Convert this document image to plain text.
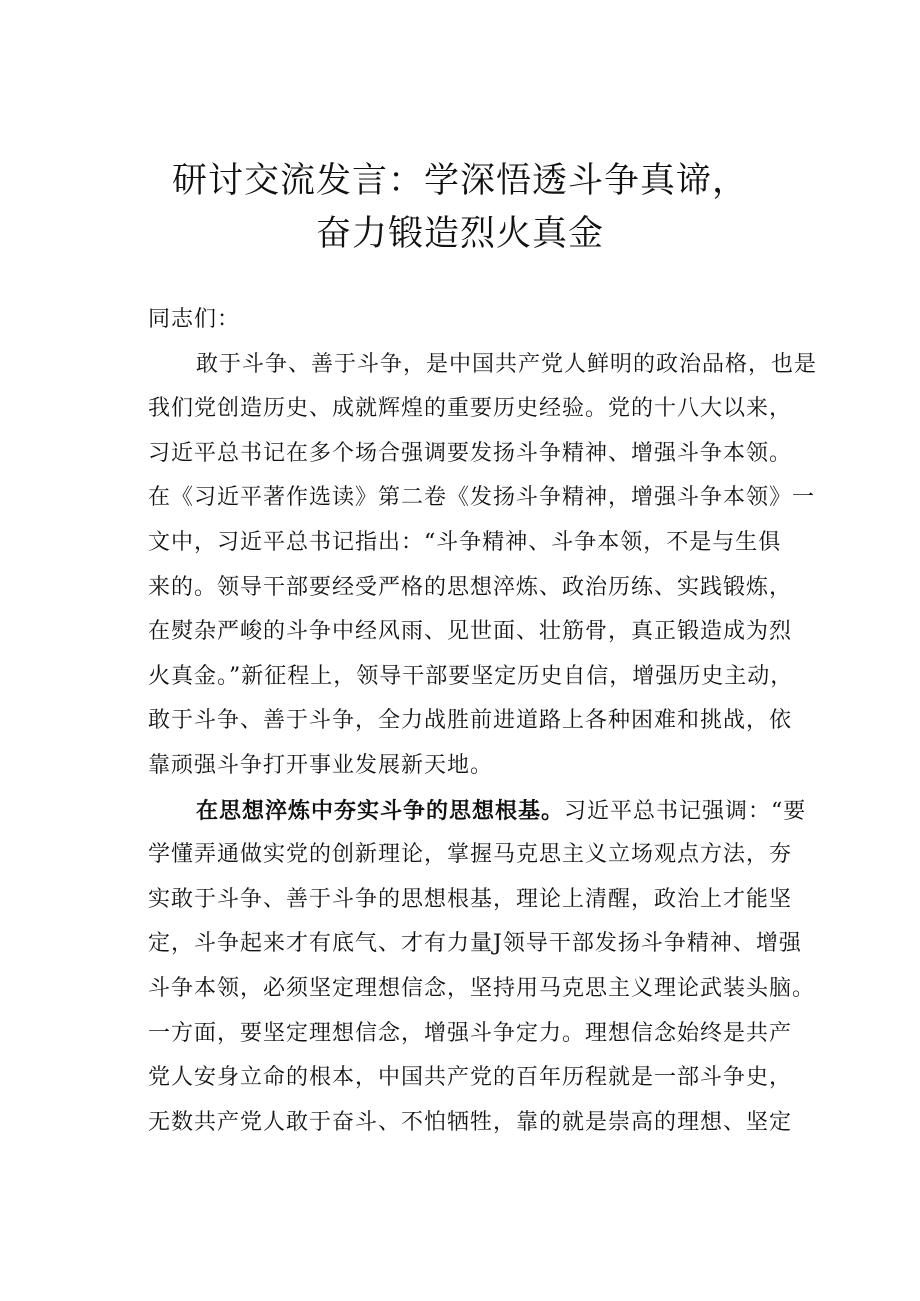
研讨交流发言：学深悟透斗争真谛，
奋力锻造烈火真金
同志们：
敢于斗争、善于斗争，是中国共产党人鲜明的政治品格，也是
我们党创造历史、成就辉煌的重要历史经验。党的十八大以来，
习近平总书记在多个场合强调要发扬斗争精神、增强斗争本领。
在《习近平著作选读》第二卷《发扬斗争精神，增强斗争本领》一
文中，习近平总书记指出：“斗争精神、斗争本领，不是与生俱
来的。领导干部要经受严格的思想淬炼、政治历练、实践锻炼，
在熨杂严峻的斗争中经风雨、见世面、壮筋骨，真正锻造成为烈
火真金。”新征程上，领导干部要坚定历史自信，增强历史主动，
敢于斗争、善于斗争，全力战胜前进道路上各种困难和挑战，依
靠顽强斗争打开事业发展新天地。
在思想淬炼中夯实斗争的思想根基。习近平总书记强调：“要
学懂弄通做实党的创新理论，掌握马克思主义立场观点方法，夯
实敢于斗争、善于斗争的思想根基，理论上清醒，政治上才能坚
定，斗争起来才有底气、才有力量J领导干部发扬斗争精神、增强
斗争本领，必须坚定理想信念，坚持用马克思主义理论武装头脑。
一方面，要坚定理想信念，增强斗争定力。理想信念始终是共产
党人安身立命的根本，中国共产党的百年历程就是一部斗争史，
无数共产党人敢于奋斗、不怕牺牲，靠的就是崇高的理想、坚定
